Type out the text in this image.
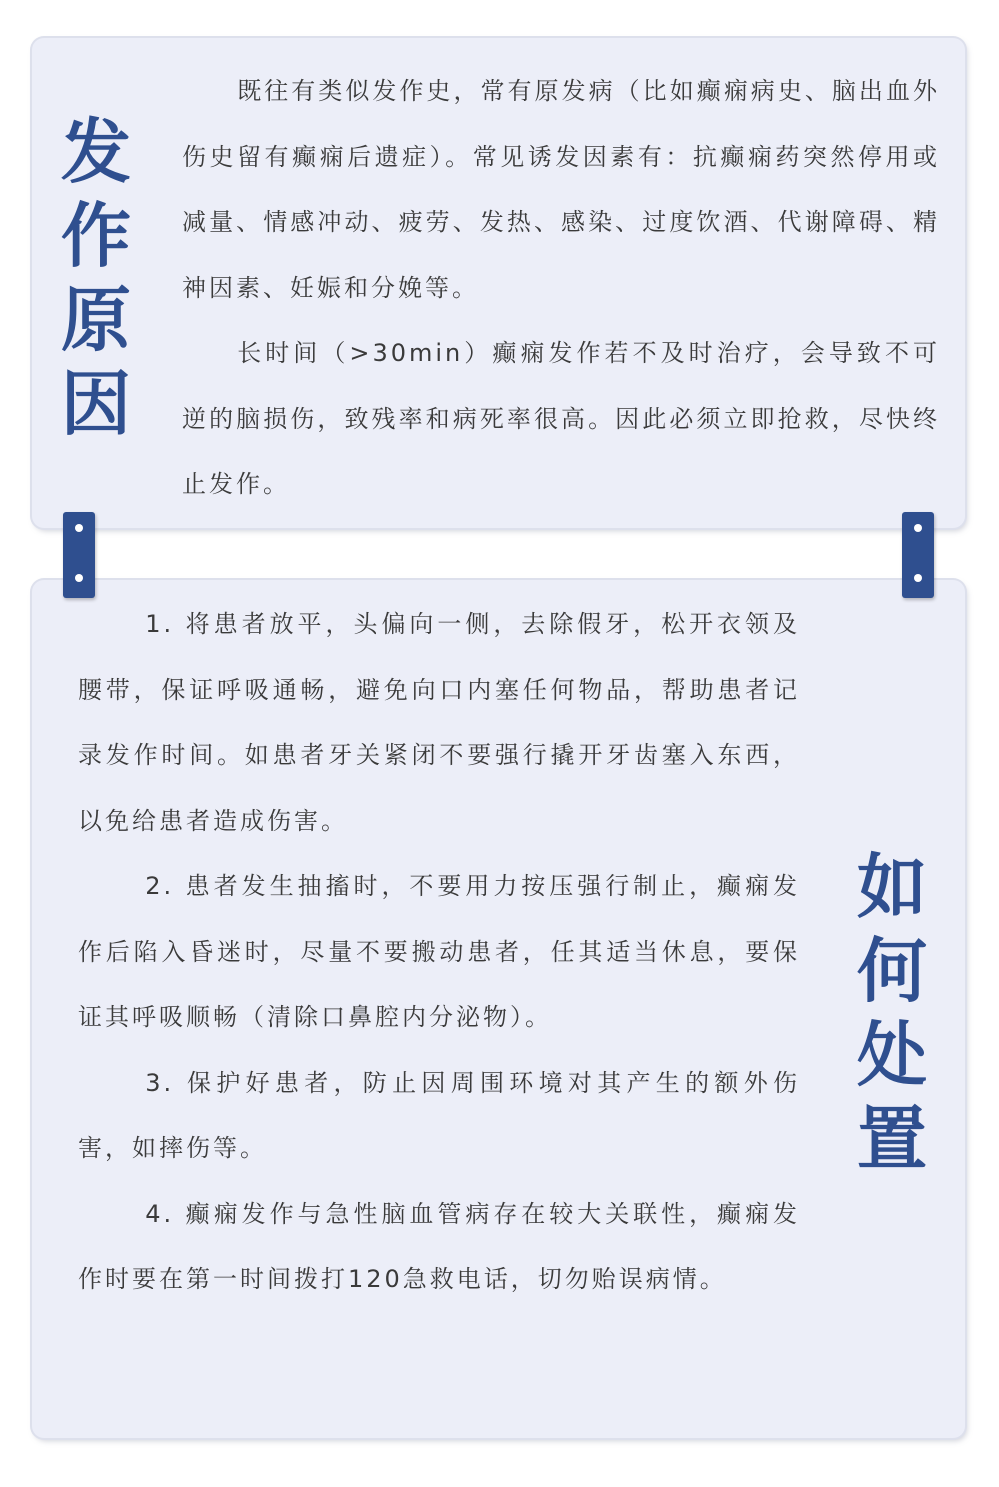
发
作
原
因

既往有类似发作史，常有原发病（比如癫痫病史、脑出血外伤史留有癫痫后遗症）。常见诱发因素有：抗癫痫药突然停用或减量、情感冲动、疲劳、发热、感染、过度饮酒、代谢障碍、精神因素、妊娠和分娩等。

长时间（>30min）癫痫发作若不及时治疗，会导致不可逆的脑损伤，致残率和病死率很高。因此必须立即抢救，尽快终止发作。

1. 将患者放平，头偏向一侧，去除假牙，松开衣领及腰带，保证呼吸通畅，避免向口内塞任何物品，帮助患者记录发作时间。如患者牙关紧闭不要强行撬开牙齿塞入东西，以免给患者造成伤害。

2. 患者发生抽搐时，不要用力按压强行制止，癫痫发作后陷入昏迷时，尽量不要搬动患者，任其适当休息，要保证其呼吸顺畅（清除口鼻腔内分泌物）。

3. 保护好患者，防止因周围环境对其产生的额外伤害，如摔伤等。

4. 癫痫发作与急性脑血管病存在较大关联性，癫痫发作时要在第一时间拨打120急救电话，切勿贻误病情。

如
何
处
置
